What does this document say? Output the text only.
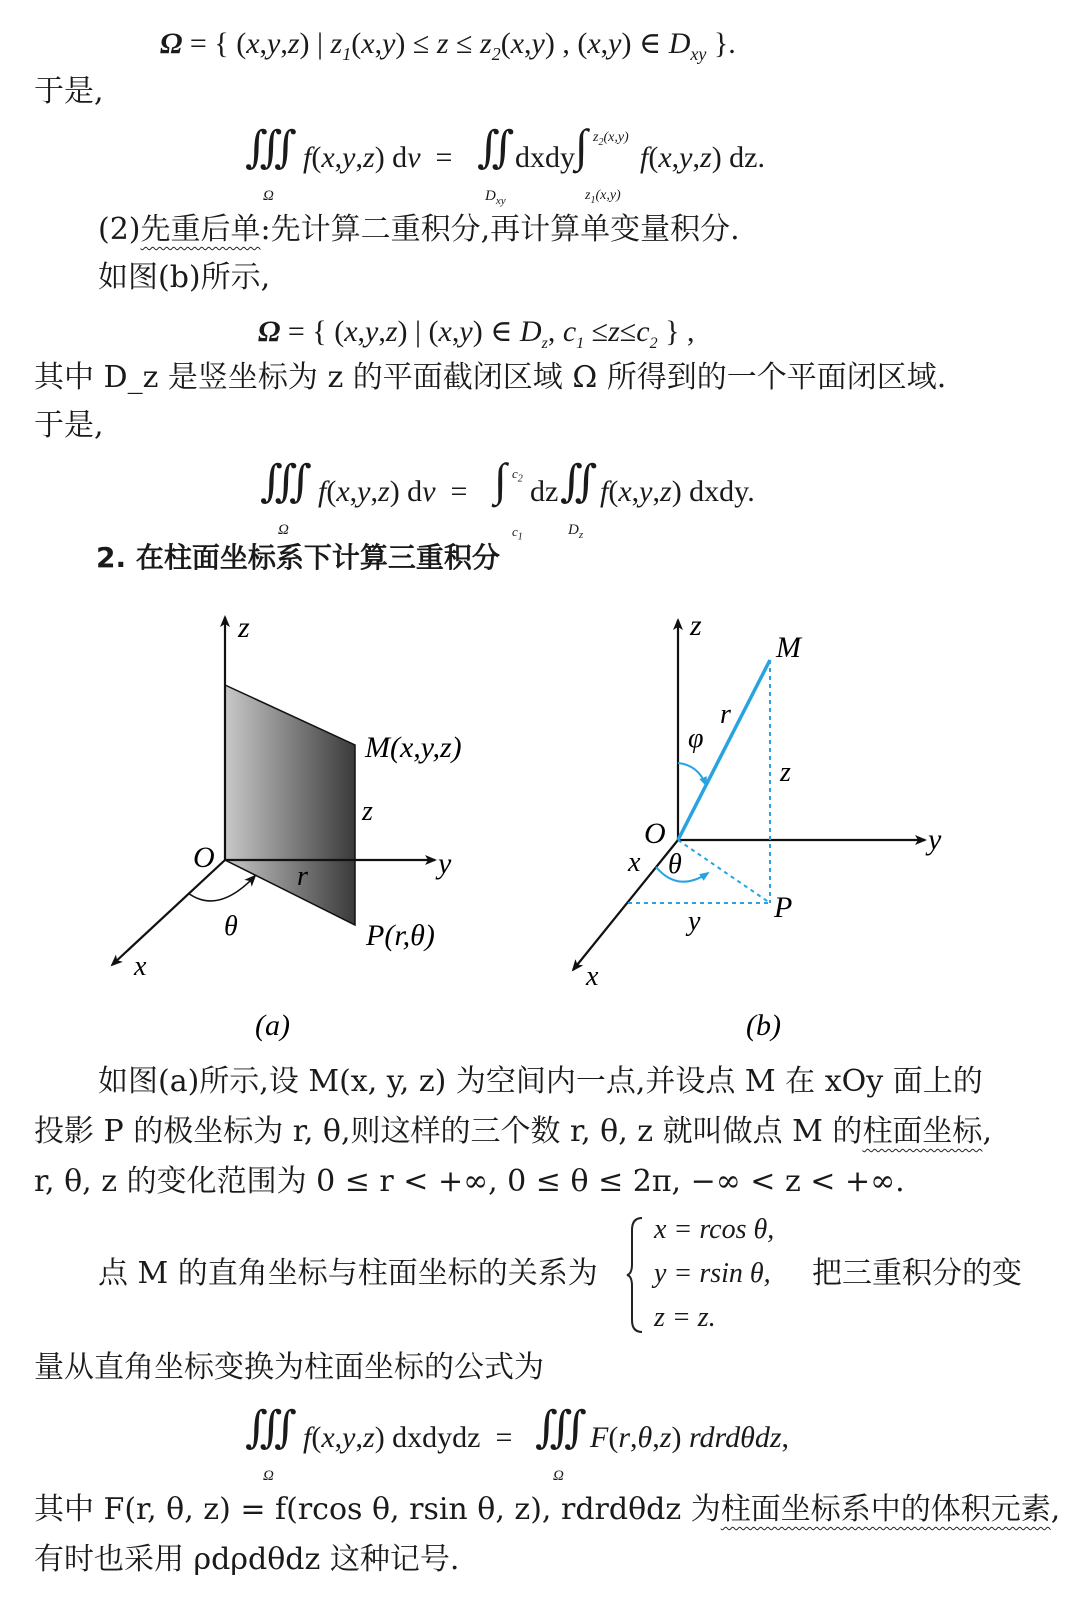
Ω = { (x,y,z) | $z_1(x,y) \le z \le z_2(x,y)$ , (x,y) ∈ $D_{xy}$ }.
于是,
∭
Ω
f(x,y,z) dv  = ∬
$D_{xy}$
dxdy ∫ $z_2(x,y)$
$z_1(x,y)$
f(x,y,z) dz.
(2)先重后单:先计算二重积分,再计算单变量积分.
如图(b)所示,
Ω = { (x,y,z) | (x,y) ∈ $D_z$, $c_1 \le z\le c_2$ } ,
其中 D_z 是竖坐标为 z 的平面截闭区域 Ω 所得到的一个平面闭区域.
于是,
∭
Ω
f(x,y,z) dv  = ∫ $c_2$
$c_1$
dz ∬
$D_z$
f(x,y,z) dxdy.
2. 在柱面坐标系下计算三重积分
z
y
x
O
M(x,y,z)
z
r
θ	P(r,θ)
(a)
z
y
x
O
M
r
φ
z
θ
x
y P
(b)
如图(a)所示,设 M(x, y, z) 为空间内一点,并设点 M 在 xOy 面上的
投影 P 的极坐标为 r, θ,则这样的三个数 r, θ, z 就叫做点 M 的柱面坐标,
r, θ, z 的变化范围为 0 ≤ r < +∞, 0 ≤ θ ≤ 2π, −∞ < z < +∞.
点 M 的直角坐标与柱面坐标的关系为
x = rcos θ,
y = rsin θ,
z = z.
把三重积分的变
量从直角坐标变换为柱面坐标的公式为
∭
Ω
f(x,y,z) dxdydz  = ∭
Ω
F(r,θ,z) rdrdθdz,
其中 F(r, θ, z) = f(rcos θ, rsin θ, z), rdrdθdz 为柱面坐标系中的体积元素,
有时也采用 ρdρdθdz 这种记号.
